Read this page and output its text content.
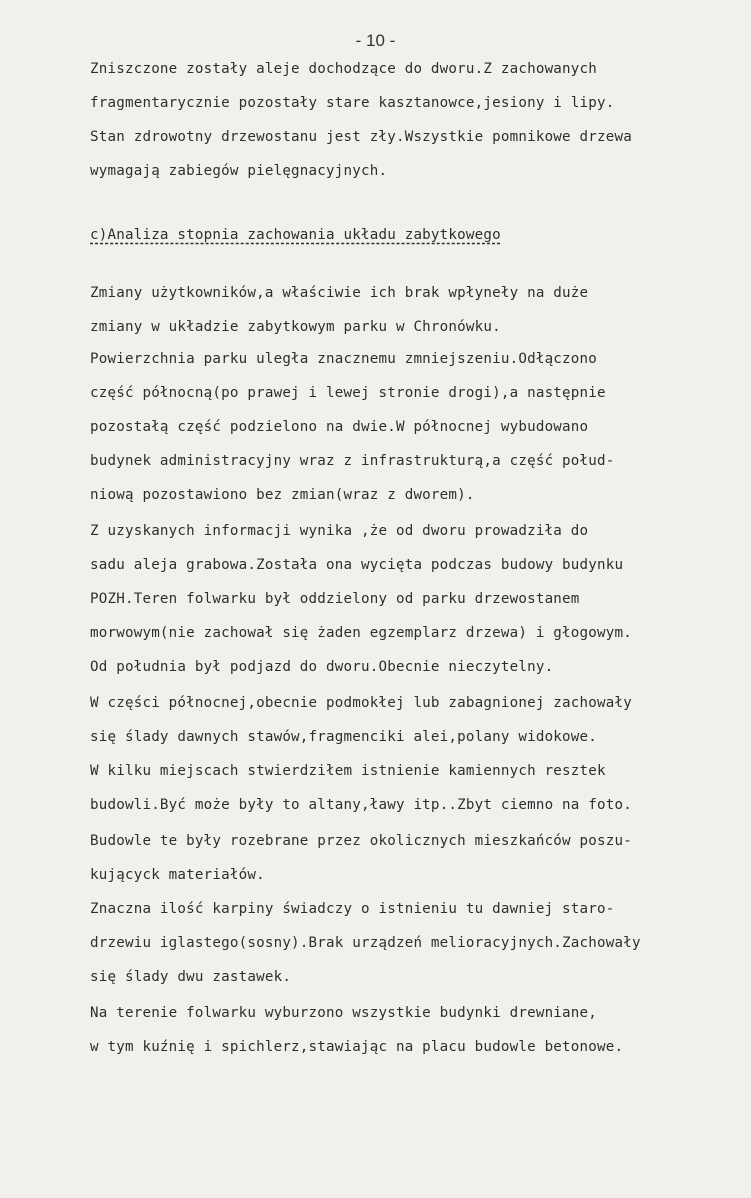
- 10 -
Zniszczone zostały aleje dochodzące do dworu.Z zachowanych
fragmentarycznie pozostały stare kasztanowce,jesiony i lipy.
Stan zdrowotny drzewostanu jest zły.Wszystkie pomnikowe drzewa
wymagają zabiegów pielęgnacyjnych.
c)Analiza stopnia zachowania układu zabytkowego
Zmiany użytkowników,a właściwie ich brak wpłyneły na duże
zmiany w układzie zabytkowym parku w Chronówku.
Powierzchnia parku uległa znacznemu zmniejszeniu.Odłączono
część północną(po prawej i lewej stronie drogi),a następnie
pozostałą część podzielono na dwie.W północnej wybudowano
budynek administracyjny wraz z infrastrukturą,a część połud-
niową pozostawiono bez zmian(wraz z dworem).
Z uzyskanych informacji wynika ,że od dworu prowadziła do
sadu aleja grabowa.Została ona wycięta podczas budowy budynku
POZH.Teren folwarku był oddzielony od parku drzewostanem
morwowym(nie zachował się żaden egzemplarz drzewa) i głogowym.
Od południa był podjazd do dworu.Obecnie nieczytelny.
W części północnej,obecnie podmokłej lub zabagnionej zachowały
się ślady dawnych stawów,fragmenciki alei,polany widokowe.
W kilku miejscach stwierdziłem istnienie kamiennych resztek
budowli.Być może były to altany,ławy itp..Zbyt ciemno na foto.
Budowle te były rozebrane przez okolicznych mieszkańców poszu-
kującyck materiałów.
Znaczna ilość karpiny świadczy o istnieniu tu dawniej staro-
drzewiu iglastego(sosny).Brak urządzeń melioracyjnych.Zachowały
się ślady dwu zastawek.
Na terenie folwarku wyburzono wszystkie budynki drewniane,
w tym kuźnię i spichlerz,stawiając na placu budowle betonowe.
